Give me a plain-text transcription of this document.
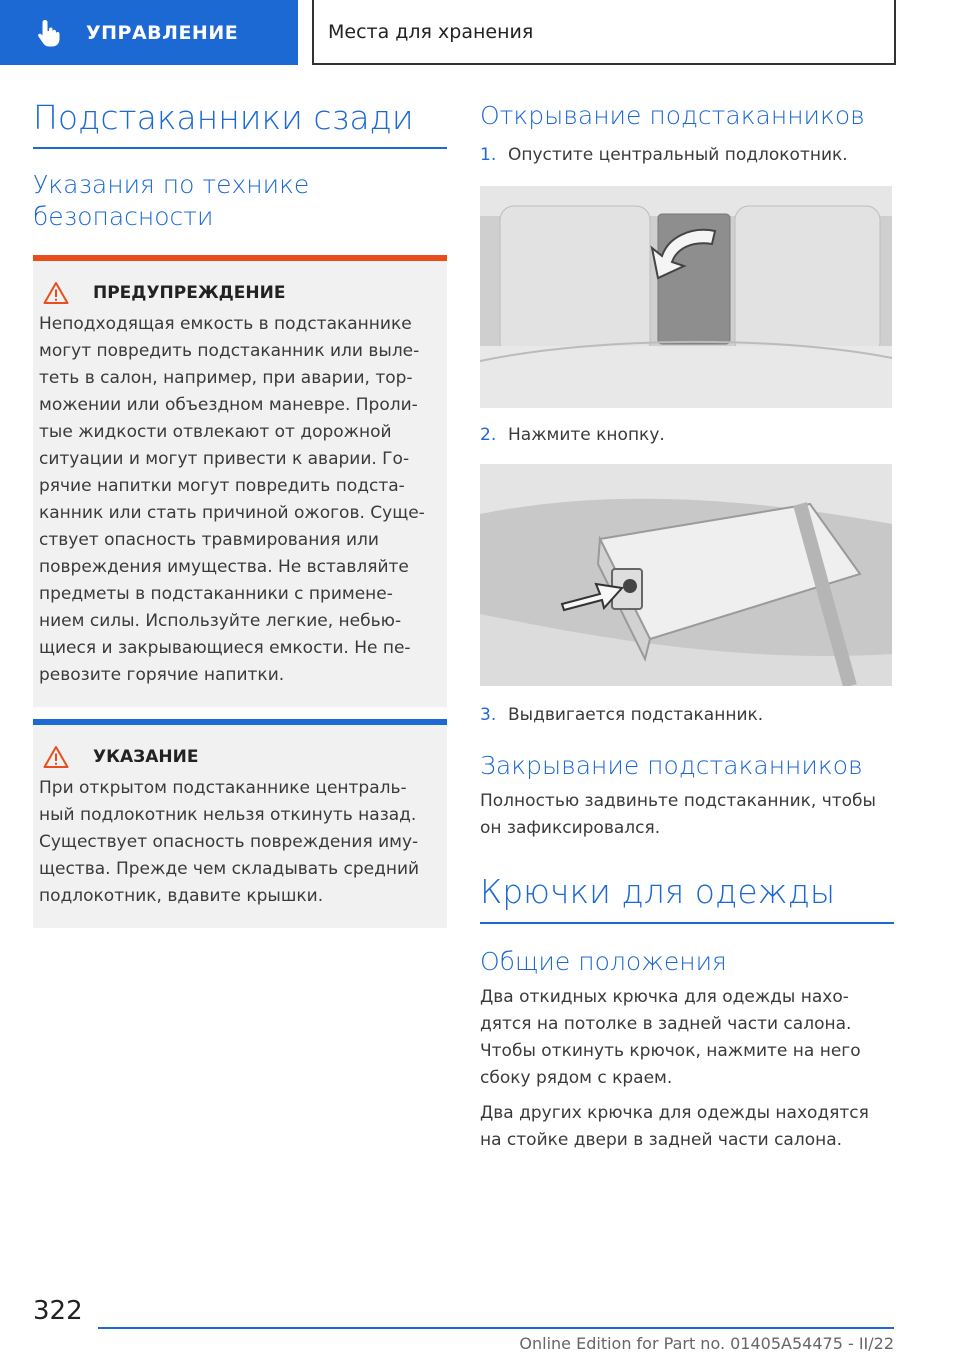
УПРАВЛЕНИЕ	Места для хранения
Подстаканники сзади
Указания по технике безопасности
ПРЕДУПРЕЖДЕНИЕ
Неподходящая емкость в подстаканнике могут повредить подстаканник или выле- теть в салон, например, при аварии, тор- можении или объездном маневре. Проли- тые жидкости отвлекают от дорожной ситуации и могут привести к аварии. Го- рячие напитки могут повредить подста- канник или стать причиной ожогов. Суще- ствует опасность травмирования или повреждения имущества. Не вставляйте предметы в подстаканники с примене- нием силы. Используйте легкие, небью- щиеся и закрывающиеся емкости. Не пе- ревозите горячие напитки.
УКАЗАНИЕ
При открытом подстаканнике централь- ный подлокотник нельзя откинуть назад. Существует опасность повреждения иму- щества. Прежде чем складывать средний подлокотник, вдавите крышки.
Открывание подстаканников
1. Опустите центральный подлокотник.
2. Нажмите кнопку.
3. Выдвигается подстаканник.
Закрывание подстаканников
Полностью задвиньте подстаканник, чтобы он зафиксировался.
Крючки для одежды
Общие положения
Два откидных крючка для одежды нахо- дятся на потолке в задней части салона. Чтобы откинуть крючок, нажмите на него сбоку рядом с краем.
Два других крючка для одежды находятся на стойке двери в задней части салона.
322
Online Edition for Part no. 01405A54475 - II/22
